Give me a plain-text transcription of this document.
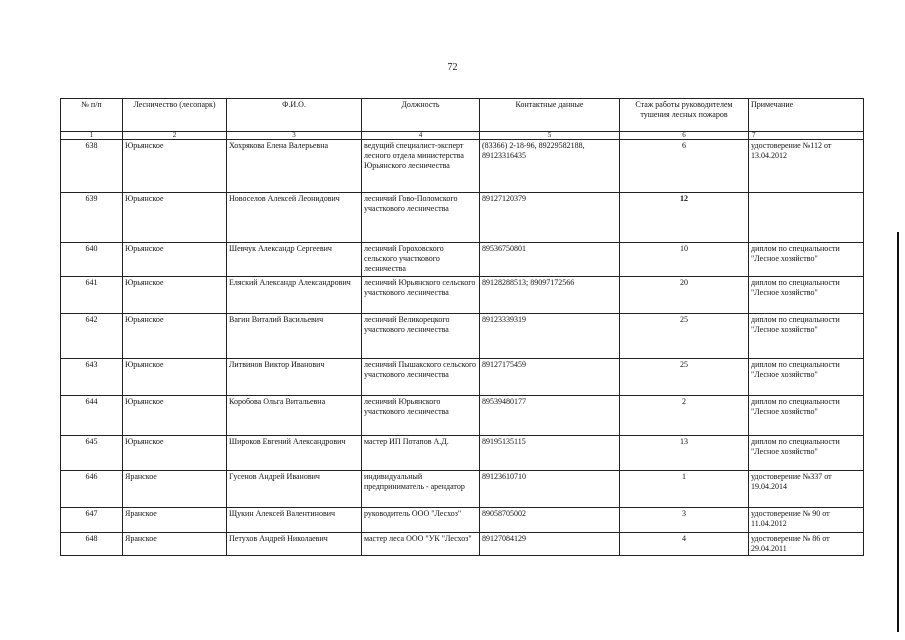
72
№ п/п	Лесничество (лесопарк)	Ф.И.О.	Должность	Контактные данные	Стаж работы руководителем тушения лесных пожаров	Примечание
1	2	3	4	5	6	7
638	Юрьянское	Хохрякова Елена Валерьевна	ведущий специалист-эксперт лесного отдела министерства Юрьянского лесничества	(83366) 2-18-96, 89229582188, 89123316435	6	удостоверение №112 от 13.04.2012
639	Юрьянское	Новоселов Алексей Леонидович	лесничий Гово-Поломского участкового лесничества	89127120379	12	
640	Юрьянское	Шевчук Александр Сергеевич	лесничий Гороховского сельского участкового лесничества	89536750801	10	диплом по специальности "Лесное хозяйство"
641	Юрьянское	Еляский Александр Александрович	лесничий Юрьянского сельского участкового лесничества	89128288513; 89097172566	20	диплом по специальности "Лесное хозяйство"
642	Юрьянское	Вагин Виталий Васильевич	лесничий Великорецкого участкового лесничества	89123339319	25	диплом по специальности "Лесное хозяйство"
643	Юрьянское	Литвинов Виктор Иванович	лесничий Пышакского сельского участкового лесничества	89127175459	25	диплом по специальности "Лесное хозяйство"
644	Юрьянское	Коробова Ольга Витальевна	лесничий Юрьянского участкового лесничества	89539480177	2	диплом по специальности "Лесное хозяйство"
645	Юрьянское	Широков Евгений Александрович	мастер ИП Потапов А.Д.	89195135115	13	диплом по специальности "Лесное хозяйство"
646	Яранское	Гусенов Андрей Иванович	индивидуальный предприниматель - арендатор	89123610710	1	удостоверение №337 от 19.04.2014
647	Яранское	Щукин Алексей Валентинович	руководитель ООО "Лесхоз"	89058705002	3	удостоверение № 90 от 11.04.2012
648	Яранское	Петухов Андрей Николаевич	мастер леса ООО "УК "Лесхоз"	89127084129	4	удостоверение № 86 от 29.04.2011
